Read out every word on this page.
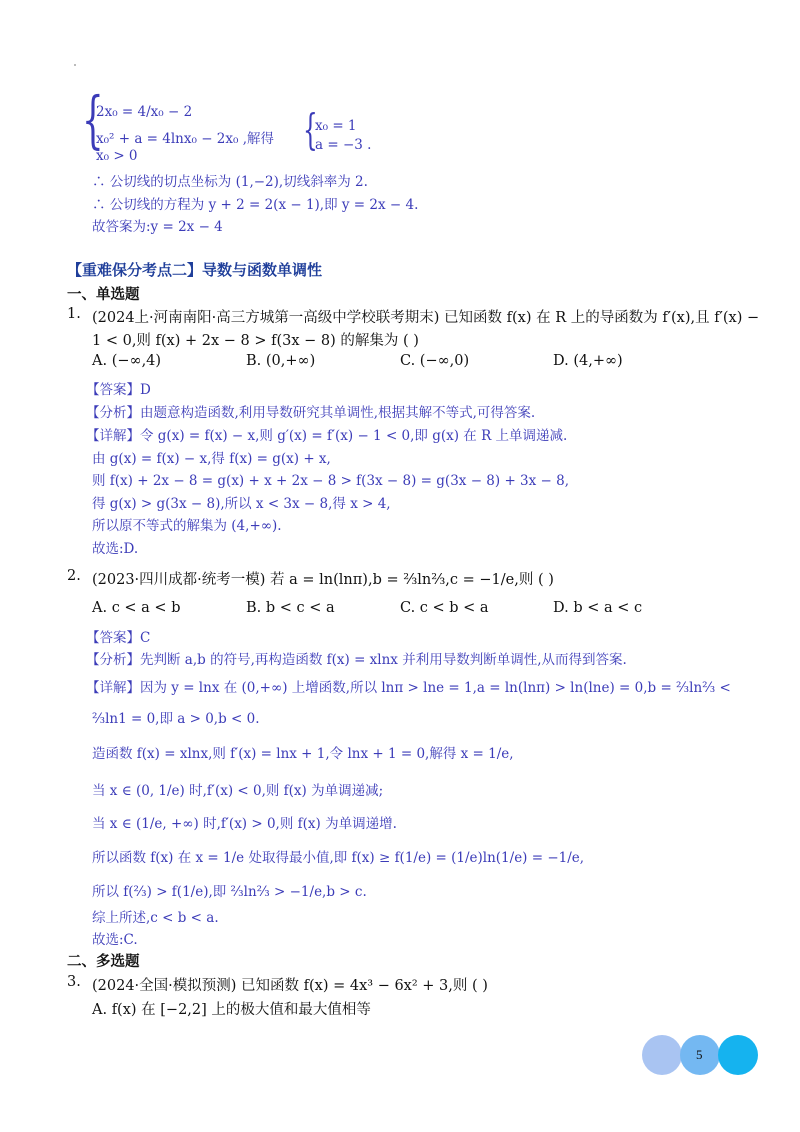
{
2x₀ = 4/x₀ − 2
x₀² + a = 4lnx₀ − 2x₀ ,解得
x₀ > 0
{
x₀ = 1
a = −3 .
∴ 公切线的切点坐标为 (1,−2),切线斜率为 2.
∴ 公切线的方程为 y + 2 = 2(x − 1),即 y = 2x − 4.
故答案为:y = 2x − 4
【重难保分考点二】导数与函数单调性
一、单选题
1. (2024上·河南南阳·高三方城第一高级中学校联考期末) 已知函数 f(x) 在 R 上的导函数为 f′(x),且 f′(x) −
1 < 0,则 f(x) + 2x − 8 > f(3x − 8) 的解集为 ( )
A. (−∞,4)	B. (0,+∞)	C. (−∞,0)	D. (4,+∞)
【答案】D
【分析】由题意构造函数,利用导数研究其单调性,根据其解不等式,可得答案.
【详解】令 g(x) = f(x) − x,则 g′(x) = f′(x) − 1 < 0,即 g(x) 在 R 上单调递减.
由 g(x) = f(x) − x,得 f(x) = g(x) + x,
则 f(x) + 2x − 8 = g(x) + x + 2x − 8 > f(3x − 8) = g(3x − 8) + 3x − 8,
得 g(x) > g(3x − 8),所以 x < 3x − 8,得 x > 4,
所以原不等式的解集为 (4,+∞).
故选:D.
2. (2023·四川成都·统考一模) 若 a = ln(lnπ),b = ⅔ln⅔,c = −1/e,则 ( )
A. c < a < b	B. b < c < a	C. c < b < a	D. b < a < c
【答案】C
【分析】先判断 a,b 的符号,再构造函数 f(x) = xlnx 并利用导数判断单调性,从而得到答案.
【详解】因为 y = lnx 在 (0,+∞) 上增函数,所以 lnπ > lne = 1,a = ln(lnπ) > ln(lne) = 0,b = ⅔ln⅔ <
⅔ln1 = 0,即 a > 0,b < 0.
造函数 f(x) = xlnx,则 f′(x) = lnx + 1,令 lnx + 1 = 0,解得 x = 1/e,
当 x ∈ (0, 1/e) 时,f′(x) < 0,则 f(x) 为单调递减;
当 x ∈ (1/e, +∞) 时,f′(x) > 0,则 f(x) 为单调递增.
所以函数 f(x) 在 x = 1/e 处取得最小值,即 f(x) ≥ f(1/e) = (1/e)ln(1/e) = −1/e,
所以 f(⅔) > f(1/e),即 ⅔ln⅔ > −1/e,b > c.
综上所述,c < b < a.
故选:C.
二、多选题
3. (2024·全国·模拟预测) 已知函数 f(x) = 4x³ − 6x² + 3,则 ( )
A. f(x) 在 [−2,2] 上的极大值和最大值相等
5
